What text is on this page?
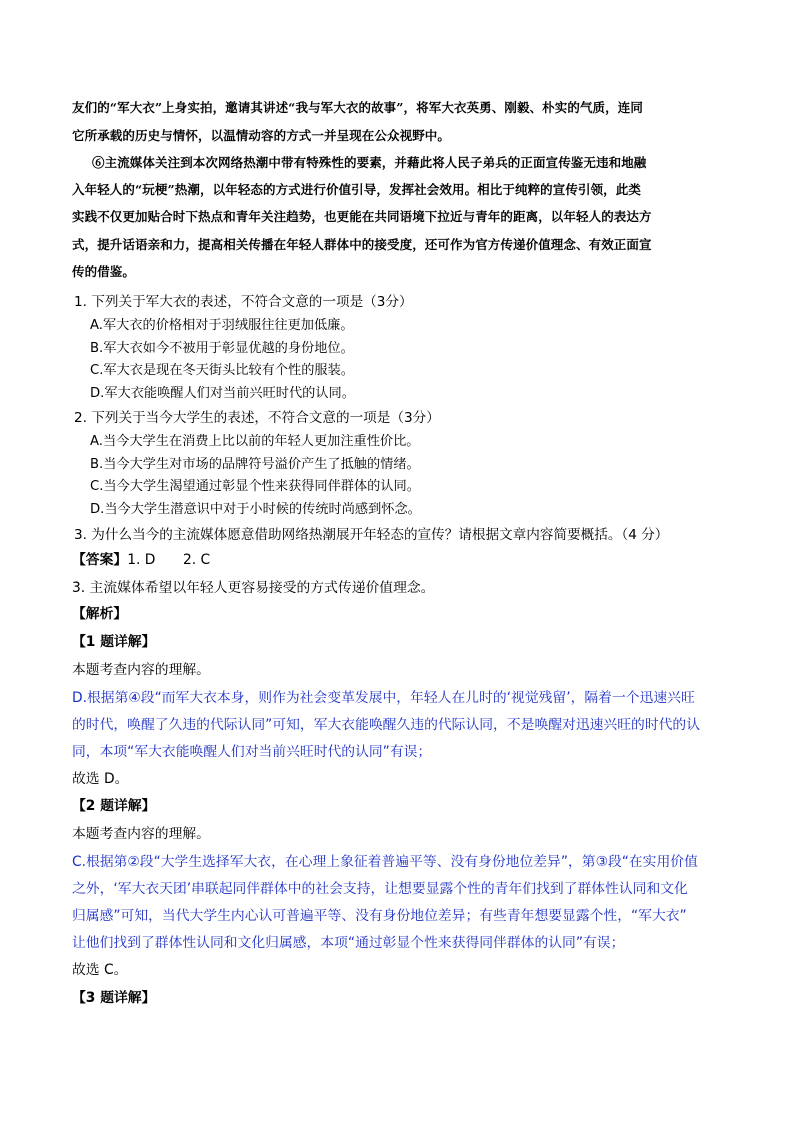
友们的“军大衣”上身实拍，邀请其讲述“我与军大衣的故事”，将军大衣英勇、刚毅、朴实的气质，连同
它所承载的历史与情怀，以温情动容的方式一并呈现在公众视野中。
⑥主流媒体关注到本次网络热潮中带有特殊性的要素，并藉此将人民子弟兵的正面宣传鉴无违和地融
入年轻人的“玩梗”热潮，以年轻态的方式进行价值引导，发挥社会效用。相比于纯粹的宣传引领，此类
实践不仅更加贴合时下热点和青年关注趋势，也更能在共同语境下拉近与青年的距离，以年轻人的表达方
式，提升话语亲和力，提高相关传播在年轻人群体中的接受度，还可作为官方传递价值理念、有效正面宣
传的借鉴。
1. 下列关于军大衣的表述，不符合文意的一项是（3分）
A.军大衣的价格相对于羽绒服往往更加低廉。
B.军大衣如今不被用于彰显优越的身份地位。
C.军大衣是现在冬天街头比较有个性的服装。
D.军大衣能唤醒人们对当前兴旺时代的认同。
2. 下列关于当今大学生的表述，不符合文意的一项是（3分）
A.当今大学生在消费上比以前的年轻人更加注重性价比。
B.当今大学生对市场的品牌符号溢价产生了抵触的情绪。
C.当今大学生渴望通过彰显个性来获得同伴群体的认同。
D.当今大学生潜意识中对于小时候的传统时尚感到怀念。
3. 为什么当今的主流媒体愿意借助网络热潮展开年轻态的宣传？请根据文章内容简要概括。（4 分）
【答案】1. D　　2. C
3. 主流媒体希望以年轻人更容易接受的方式传递价值理念。
【解析】
【1 题详解】
本题考查内容的理解。
D.根据第④段“而军大衣本身，则作为社会变革发展中，年轻人在儿时的‘视觉残留’，隔着一个迅速兴旺
的时代，唤醒了久违的代际认同”可知，军大衣能唤醒久违的代际认同，不是唤醒对迅速兴旺的时代的认
同，本项“军大衣能唤醒人们对当前兴旺时代的认同”有误；
故选 D。
【2 题详解】
本题考查内容的理解。
C.根据第②段“大学生选择军大衣，在心理上象征着普遍平等、没有身份地位差异”，第③段“在实用价值
之外，‘军大衣天团’串联起同伴群体中的社会支持，让想要显露个性的青年们找到了群体性认同和文化
归属感”可知，当代大学生内心认可普遍平等、没有身份地位差异；有些青年想要显露个性，“军大衣”
让他们找到了群体性认同和文化归属感，本项“通过彰显个性来获得同伴群体的认同”有误；
故选 C。
【3 题详解】
